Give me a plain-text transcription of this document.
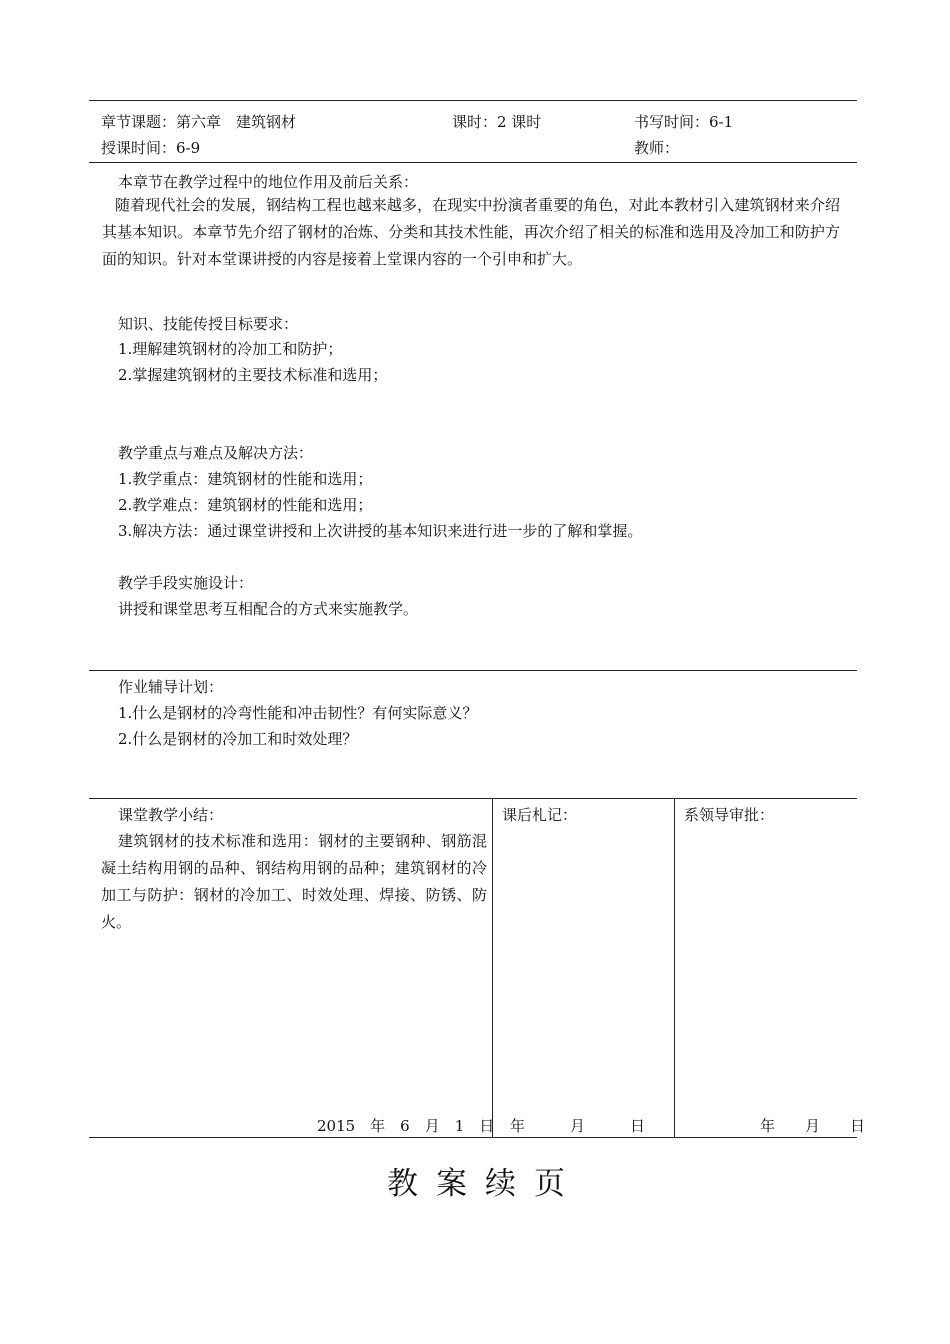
章节课题：第六章　建筑钢材	课时：2 课时	书写时间：6-1
授课时间：6-9	教师：
本章节在教学过程中的地位作用及前后关系：
随着现代社会的发展，钢结构工程也越来越多，在现实中扮演者重要的角色，对此本教材引入建筑钢材来介绍其基本知识。本章节先介绍了钢材的冶炼、分类和其技术性能，再次介绍了相关的标准和选用及冷加工和防护方面的知识。针对本堂课讲授的内容是接着上堂课内容的一个引申和扩大。
知识、技能传授目标要求：
1.理解建筑钢材的冷加工和防护；
2.掌握建筑钢材的主要技术标准和选用；
教学重点与难点及解决方法：
1.教学重点：建筑钢材的性能和选用；
2.教学难点：建筑钢材的性能和选用；
3.解决方法：通过课堂讲授和上次讲授的基本知识来进行进一步的了解和掌握。
教学手段实施设计：
讲授和课堂思考互相配合的方式来实施教学。
作业辅导计划：
1.什么是钢材的冷弯性能和冲击韧性？有何实际意义？
2.什么是钢材的冷加工和时效处理？
课堂教学小结：
建筑钢材的技术标准和选用：钢材的主要钢种、钢筋混凝土结构用钢的品种、钢结构用钢的品种；建筑钢材的冷加工与防护：钢材的冷加工、时效处理、焊接、防锈、防火。
2015　年　6　月　1　日
课后札记：
年　　　月　　　日
系领导审批：
年　　月　　日
教案续页
